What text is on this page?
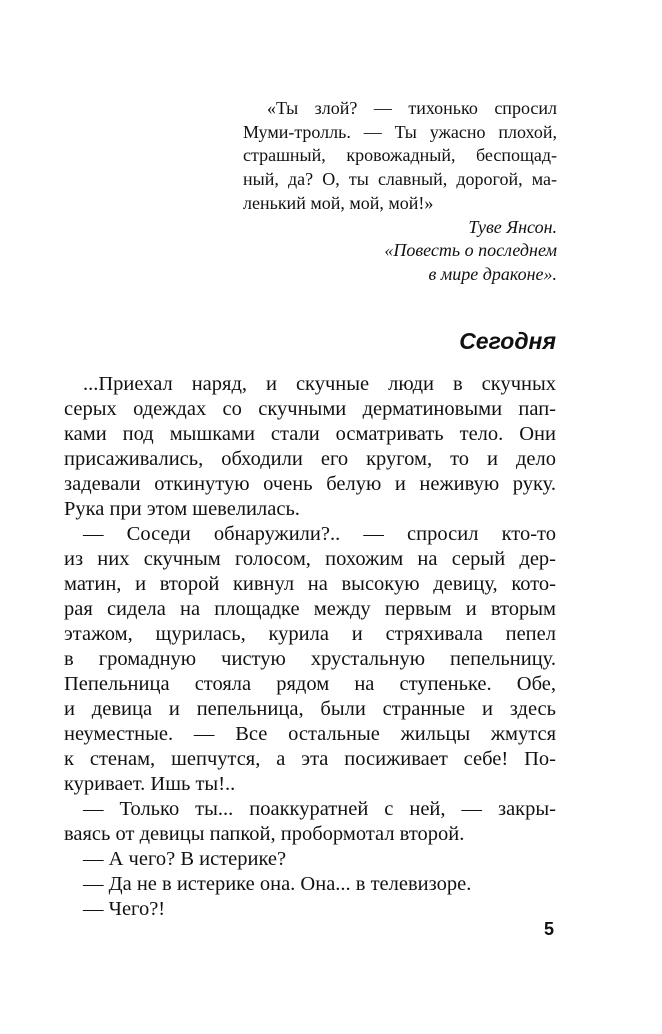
«Ты злой? — тихонько спросил
Муми-тролль. — Ты ужасно плохой,
страшный, кровожадный, беспощад-
ный, да? О, ты славный, дорогой, ма-
ленький мой, мой, мой!»
Туве Янсон.
«Повесть о последнем
в мире драконе».
Сегодня
...Приехал наряд, и скучные люди в скучных
серых одеждах со скучными дерматиновыми пап-
ками под мышками стали осматривать тело. Они
присаживались, обходили его кругом, то и дело
задевали откинутую очень белую и неживую руку.
Рука при этом шевелилась.
— Соседи обнаружили?.. — спросил кто-то
из них скучным голосом, похожим на серый дер-
матин, и второй кивнул на высокую девицу, кото-
рая сидела на площадке между первым и вторым
этажом, щурилась, курила и стряхивала пепел
в громадную чистую хрустальную пепельницу.
Пепельница стояла рядом на ступеньке. Обе,
и девица и пепельница, были странные и здесь
неуместные. — Все остальные жильцы жмутся
к стенам, шепчутся, а эта посиживает себе! По-
куривает. Ишь ты!..
— Только ты... поаккуратней с ней, — закры-
ваясь от девицы папкой, пробормотал второй.
— А чего? В истерике?
— Да не в истерике она. Она... в телевизоре.
— Чего?!
5
